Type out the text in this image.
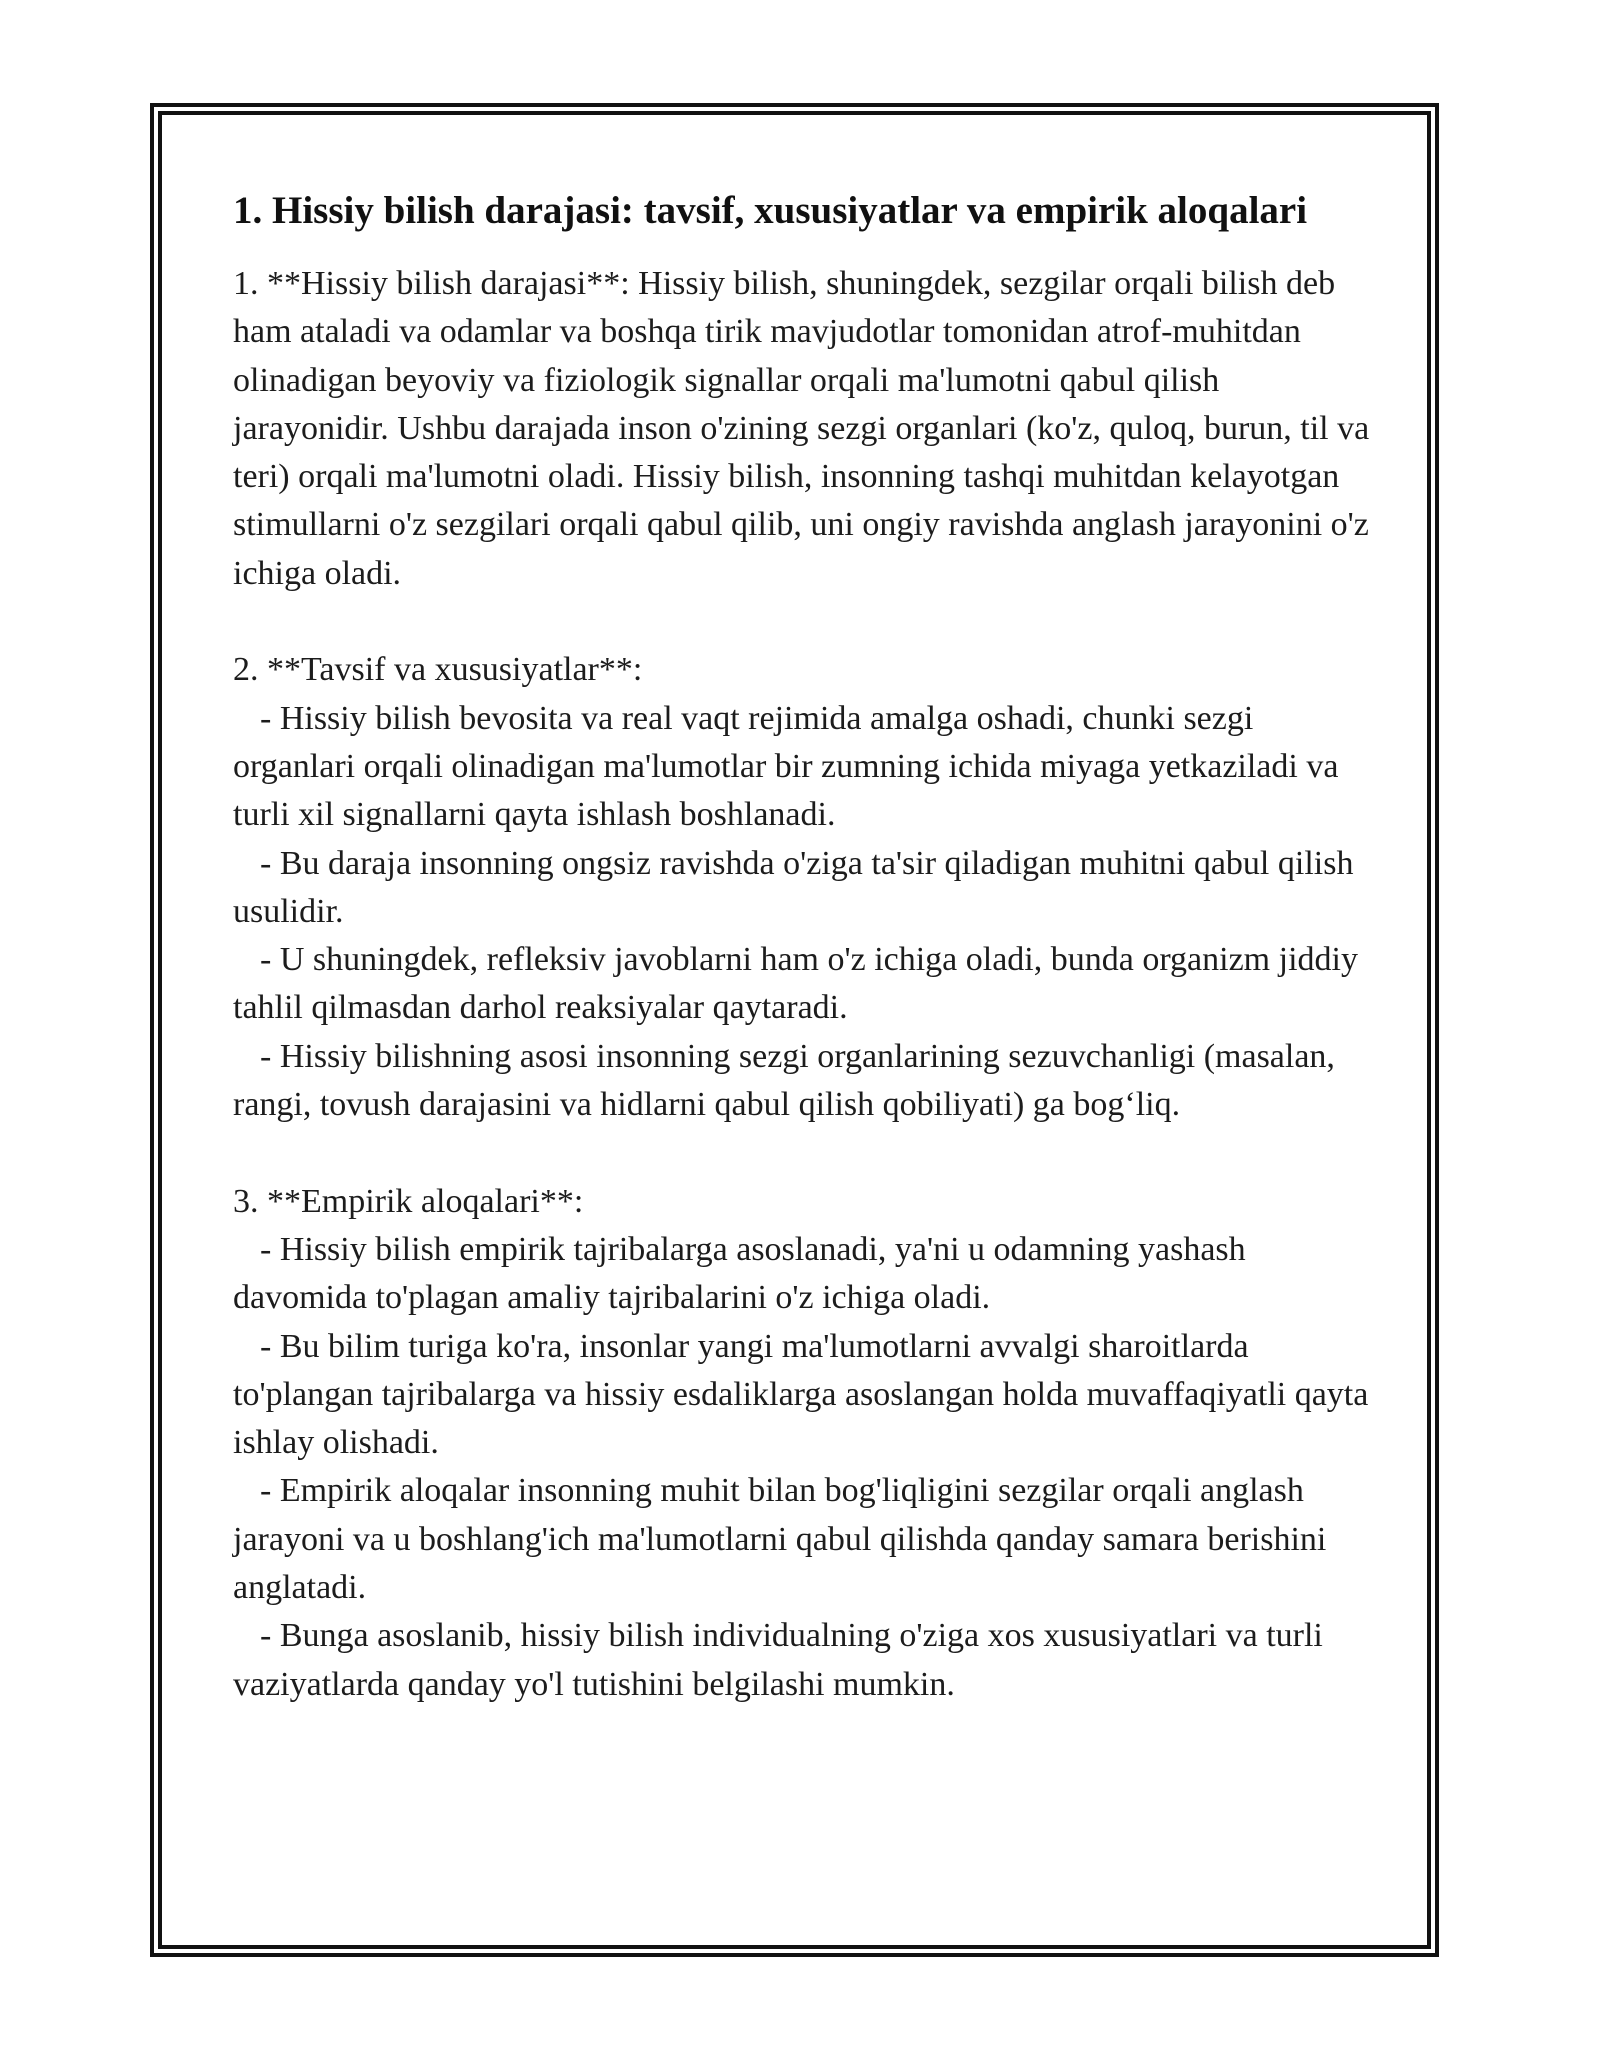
1. Hissiy bilish darajasi: tavsif, xususiyatlar va empirik aloqalari

1. **Hissiy bilish darajasi**: Hissiy bilish, shuningdek, sezgilar orqali bilish deb ham ataladi va odamlar va boshqa tirik mavjudotlar tomonidan atrof-muhitdan olinadigan beyoviy va fiziologik signallar orqali ma'lumotni qabul qilish jarayonidir. Ushbu darajada inson o'zining sezgi organlari (ko'z, quloq, burun, til va teri) orqali ma'lumotni oladi. Hissiy bilish, insonning tashqi muhitdan kelayotgan stimullarni o'z sezgilari orqali qabul qilib, uni ongiy ravishda anglash jarayonini o'z ichiga oladi.

2. **Tavsif va xususiyatlar**:

- Hissiy bilish bevosita va real vaqt rejimida amalga oshadi, chunki sezgi organlari orqali olinadigan ma'lumotlar bir zumning ichida miyaga yetkaziladi va turli xil signallarni qayta ishlash boshlanadi.

- Bu daraja insonning ongsiz ravishda o'ziga ta'sir qiladigan muhitni qabul qilish usulidir.

- U shuningdek, refleksiv javoblarni ham o'z ichiga oladi, bunda organizm jiddiy tahlil qilmasdan darhol reaksiyalar qaytaradi.

- Hissiy bilishning asosi insonning sezgi organlarining sezuvchanligi (masalan, rangi, tovush darajasini va hidlarni qabul qilish qobiliyati) ga bog‘liq.

3. **Empirik aloqalari**:

- Hissiy bilish empirik tajribalarga asoslanadi, ya'ni u odamning yashash davomida to'plagan amaliy tajribalarini o'z ichiga oladi.

- Bu bilim turiga ko'ra, insonlar yangi ma'lumotlarni avvalgi sharoitlarda to'plangan tajribalarga va hissiy esdaliklarga asoslangan holda muvaffaqiyatli qayta ishlay olishadi.

- Empirik aloqalar insonning muhit bilan bog'liqligini sezgilar orqali anglash jarayoni va u boshlang'ich ma'lumotlarni qabul qilishda qanday samara berishini anglatadi.

- Bunga asoslanib, hissiy bilish individualning o'ziga xos xususiyatlari va turli vaziyatlarda qanday yo'l tutishini belgilashi mumkin.
